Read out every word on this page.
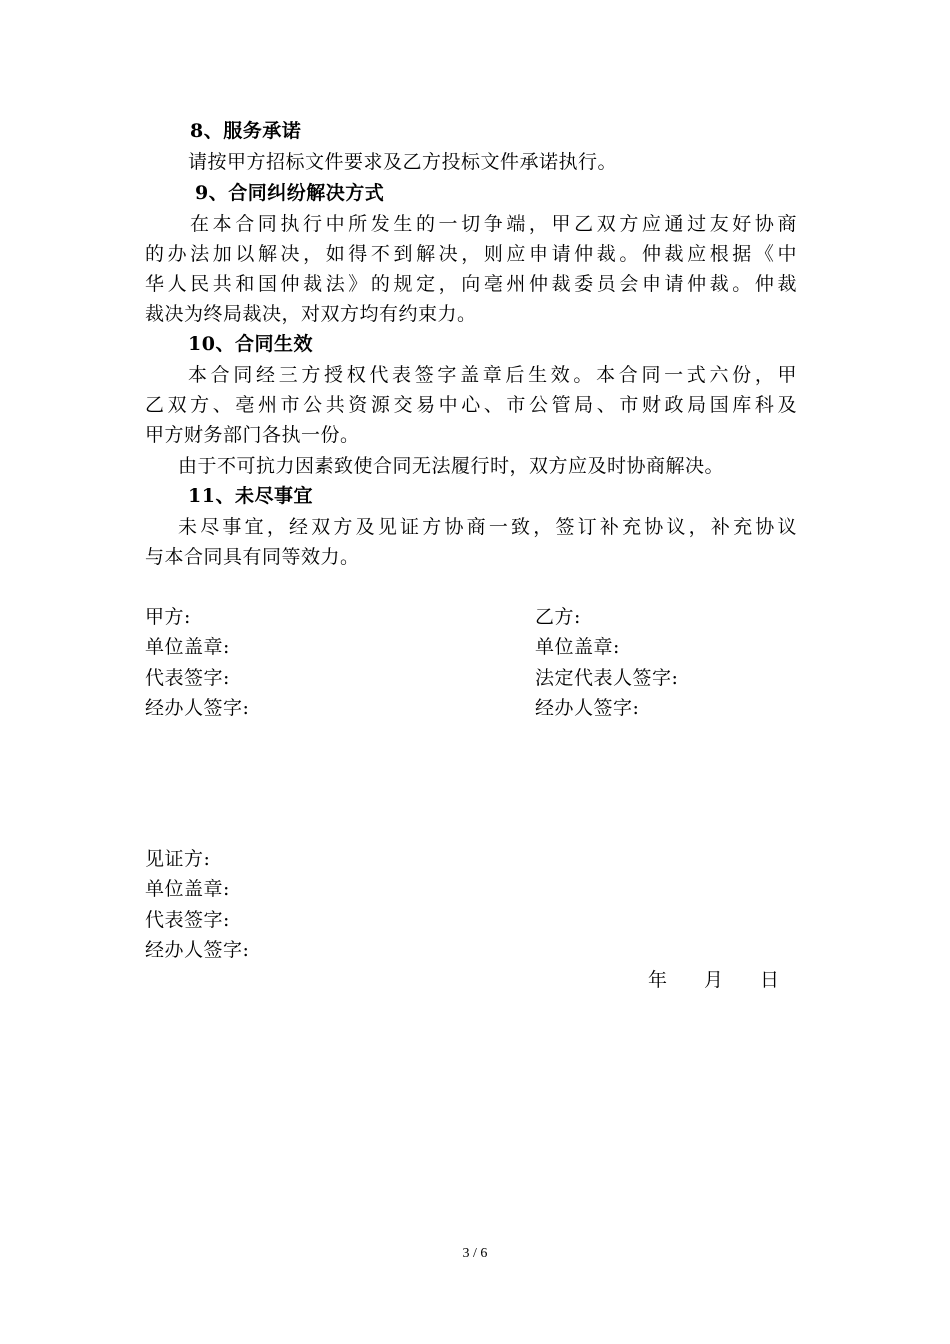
8、服务承诺
请按甲方招标文件要求及乙方投标文件承诺执行。
9、合同纠纷解决方式
在本合同执行中所发生的一切争端，甲乙双方应通过友好协商
的办法加以解决，如得不到解决，则应申请仲裁。仲裁应根据《中
华人民共和国仲裁法》的规定，向亳州仲裁委员会申请仲裁。仲裁
裁决为终局裁决，对双方均有约束力。
10、合同生效
本合同经三方授权代表签字盖章后生效。本合同一式六份，甲
乙双方、亳州市公共资源交易中心、市公管局、市财政局国库科及
甲方财务部门各执一份。
由于不可抗力因素致使合同无法履行时，双方应及时协商解决。
11、未尽事宜
未尽事宜，经双方及见证方协商一致，签订补充协议，补充协议
与本合同具有同等效力。
甲方:
单位盖章:
代表签字:
经办人签字:
乙方:
单位盖章:
法定代表人签字:
经办人签字:
见证方:
单位盖章:
代表签字:
经办人签字:
年 月 日
3 / 6
